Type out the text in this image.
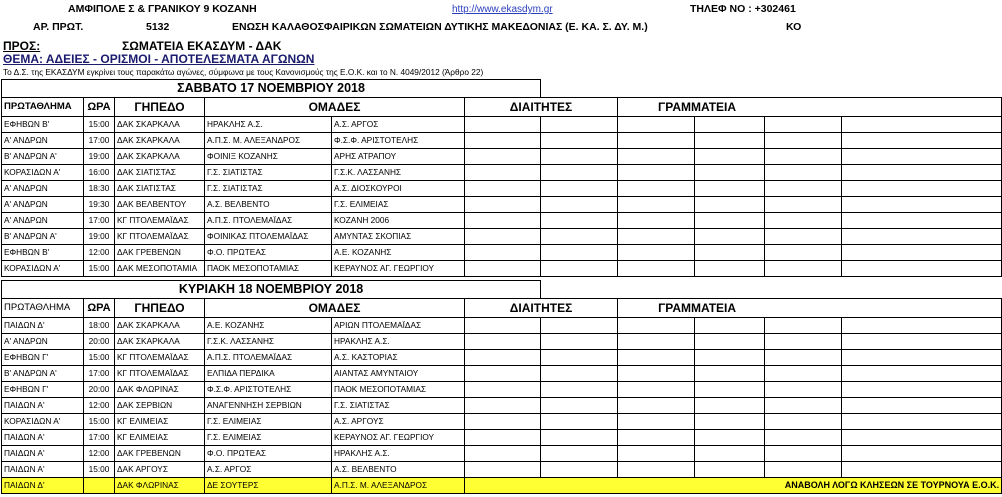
ΑΜΦΙΠΟΛΕ Σ & ΓΡΑΝΙΚΟΥ 9 ΚΟΖΑΝΗ	http://www.ekasdym.gr	ΤΗΛΕΦ ΝΟ : +302461
ΑΡ. ΠΡΩΤ.	5132	ΕΝΩΣΗ ΚΑΛΑΘΟΣΦΑΙΡΙΚΩΝ ΣΩΜΑΤΕΙΩΝ ΔΥΤΙΚΗΣ ΜΑΚΕΔΟΝΙΑΣ (Ε. ΚΑ. Σ. ΔΥ. Μ.)	ΚΟ
ΠΡΟΣ:	ΣΩΜΑΤΕΙΑ ΕΚΑΣΔΥΜ - ΔΑΚ
ΘΕΜΑ: ΑΔΕΙΕΣ - ΟΡΙΣΜΟΙ - ΑΠΟΤΕΛΕΣΜΑΤΑ ΑΓΩΝΩΝ
Το Δ.Σ. της ΕΚΑΣΔΥΜ εγκρίνει τους παρακάτω αγώνες, σύμφωνα με τους Κανονισμούς της Ε.Ο.Κ. και το Ν. 4049/2012 (Άρθρο 22)
ΣΑΒΒΑΤΟ 17 ΝΟΕΜΒΡΙΟΥ 2018										
ΠΡΩΤΑΘΛΗΜΑ	ΩΡΑ	ΓΗΠΕΔΟ	ΟΜΑΔΕΣ		ΔΙΑΙΤΗΤΕΣ		ΓΡΑΜΜΑΤΕΙΑ			
ΕΦΗΒΩΝ Β'	15:00	ΔΑΚ ΣΚΑΡΚΑΛΑ	ΗΡΑΚΛΗΣ Α.Σ.	Α.Σ. ΑΡΓΟΣ						
Α' ΑΝΔΡΩΝ	17:00	ΔΑΚ ΣΚΑΡΚΑΛΑ	Α.Π.Σ. Μ. ΑΛΕΞΑΝΔΡΟΣ	Φ.Σ.Φ. ΑΡΙΣΤΟΤΕΛΗΣ						
Β' ΑΝΔΡΩΝ Α'	19:00	ΔΑΚ ΣΚΑΡΚΑΛΑ	ΦΟΙΝΙΞ ΚΟΖΑΝΗΣ	ΑΡΗΣ ΑΤΡΑΠΟΥ						
ΚΟΡΑΣΙΔΩΝ Α'	16:00	ΔΑΚ ΣΙΑΤΙΣΤΑΣ	Γ.Σ. ΣΙΑΤΙΣΤΑΣ	Γ.Σ.Κ. ΛΑΣΣΑΝΗΣ						
Α' ΑΝΔΡΩΝ	18:30	ΔΑΚ ΣΙΑΤΙΣΤΑΣ	Γ.Σ. ΣΙΑΤΙΣΤΑΣ	Α.Σ. ΔΙΟΣΚΟΥΡΟΙ						
Α' ΑΝΔΡΩΝ	19:30	ΔΑΚ ΒΕΛΒΕΝΤΟΥ	Α.Σ. ΒΕΛΒΕΝΤΟ	Γ.Σ. ΕΛΙΜΕΙΑΣ						
Α' ΑΝΔΡΩΝ	17:00	ΚΓ ΠΤΟΛΕΜΑΪΔΑΣ	Α.Π.Σ. ΠΤΟΛΕΜΑΪΔΑΣ	ΚΟΖΑΝΗ 2006						
Β' ΑΝΔΡΩΝ Α'	19:00	ΚΓ ΠΤΟΛΕΜΑΪΔΑΣ	ΦΟΙΝΙΚΑΣ ΠΤΟΛΕΜΑΪΔΑΣ	ΑΜΥΝΤΑΣ ΣΚΟΠΙΑΣ						
ΕΦΗΒΩΝ Β'	12:00	ΔΑΚ ΓΡΕΒΕΝΩΝ	Φ.Ο. ΠΡΩΤΕΑΣ	Α.Ε. ΚΟΖΑΝΗΣ						
ΚΟΡΑΣΙΔΩΝ Α'	15:00	ΔΑΚ ΜΕΣΟΠΟΤΑΜΙΑ	ΠΑΟΚ ΜΕΣΟΠΟΤΑΜΙΑΣ	ΚΕΡΑΥΝΟΣ ΑΓ. ΓΕΩΡΓΙΟΥ						
ΚΥΡΙΑΚΗ 18 ΝΟΕΜΒΡΙΟΥ 2018										
ΠΡΩΤΑΘΛΗΜΑ	ΩΡΑ	ΓΗΠΕΔΟ	ΟΜΑΔΕΣ		ΔΙΑΙΤΗΤΕΣ		ΓΡΑΜΜΑΤΕΙΑ			
ΠΑΙΔΩΝ Δ'	18:00	ΔΑΚ ΣΚΑΡΚΑΛΑ	Α.Ε. ΚΟΖΑΝΗΣ	ΑΡΙΩΝ ΠΤΟΛΕΜΑΪΔΑΣ						
Α' ΑΝΔΡΩΝ	20:00	ΔΑΚ ΣΚΑΡΚΑΛΑ	Γ.Σ.Κ. ΛΑΣΣΑΝΗΣ	ΗΡΑΚΛΗΣ Α.Σ.						
ΕΦΗΒΩΝ Γ'	15:00	ΚΓ ΠΤΟΛΕΜΑΪΔΑΣ	Α.Π.Σ. ΠΤΟΛΕΜΑΪΔΑΣ	Α.Σ. ΚΑΣΤΟΡΙΑΣ						
Β' ΑΝΔΡΩΝ Α'	17:00	ΚΓ ΠΤΟΛΕΜΑΪΔΑΣ	ΕΛΠΙΔΑ ΠΕΡΔΙΚΑ	ΑΙΑΝΤΑΣ ΑΜΥΝΤΑΙΟΥ						
ΕΦΗΒΩΝ Γ'	20:00	ΔΑΚ ΦΛΩΡΙΝΑΣ	Φ.Σ.Φ. ΑΡΙΣΤΟΤΕΛΗΣ	ΠΑΟΚ ΜΕΣΟΠΟΤΑΜΙΑΣ						
ΠΑΙΔΩΝ Α'	12:00	ΔΑΚ ΣΕΡΒΙΩΝ	ΑΝΑΓΕΝΝΗΣΗ ΣΕΡΒΙΩΝ	Γ.Σ. ΣΙΑΤΙΣΤΑΣ						
ΚΟΡΑΣΙΔΩΝ Α'	15:00	ΚΓ ΕΛΙΜΕΙΑΣ	Γ.Σ. ΕΛΙΜΕΙΑΣ	Α.Σ. ΑΡΓΟΥΣ						
ΠΑΙΔΩΝ Α'	17:00	ΚΓ ΕΛΙΜΕΙΑΣ	Γ.Σ. ΕΛΙΜΕΙΑΣ	ΚΕΡΑΥΝΟΣ ΑΓ. ΓΕΩΡΓΙΟΥ						
ΠΑΙΔΩΝ Α'	12:00	ΔΑΚ ΓΡΕΒΕΝΩΝ	Φ.Ο. ΠΡΩΤΕΑΣ	ΗΡΑΚΛΗΣ Α.Σ.						
ΠΑΙΔΩΝ Α'	15:00	ΔΑΚ ΑΡΓΟΥΣ	Α.Σ. ΑΡΓΟΣ	Α.Σ. ΒΕΛΒΕΝΤΟ						
ΠΑΙΔΩΝ Δ'		ΔΑΚ ΦΛΩΡΙΝΑΣ	ΔΕ ΣΟΥΤΕΡΣ	Α.Π.Σ. Μ. ΑΛΕΞΑΝΔΡΟΣ	ΑΝΑΒΟΛΗ ΛΟΓΩ ΚΛΗΣΕΩΝ ΣΕ ΤΟΥΡΝΟΥΑ Ε.Ο.Κ.					
